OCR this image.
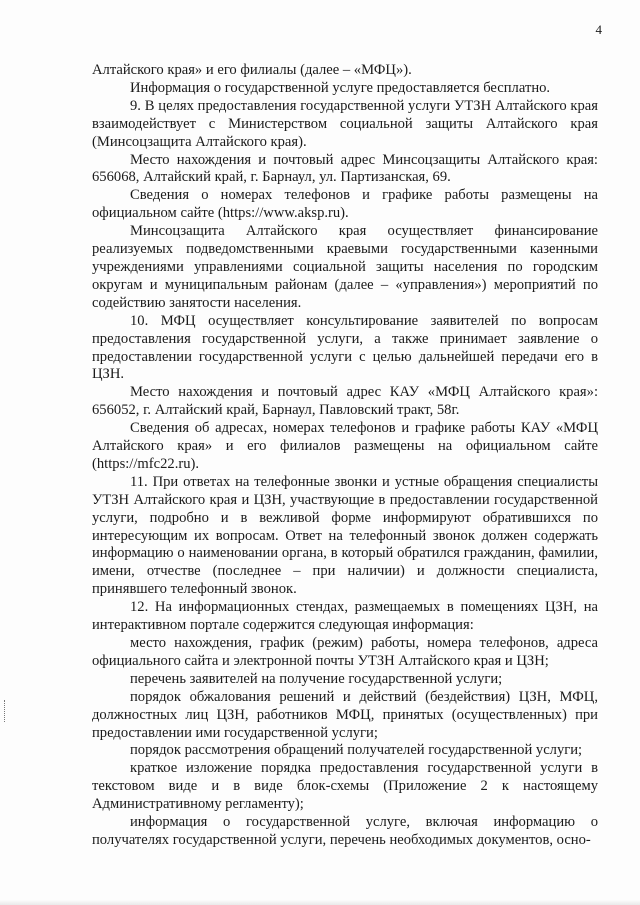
4

Алтайского края» и его филиалы (далее – «МФЦ»).

Информация о государственной услуге предоставляется бесплатно.

9. В целях предоставления государственной услуги УТЗН Алтайского края взаимодействует с Министерством социальной защиты Алтайского края (Минсоцзащита Алтайского края).

Место нахождения и почтовый адрес Минсоцзащиты Алтайского края: 656068, Алтайский край, г. Барнаул, ул. Партизанская, 69.

Сведения о номерах телефонов и графике работы размещены на официальном сайте (https://www.aksp.ru).

Минсоцзащита Алтайского края осуществляет финансирование реализуемых подведомственными краевыми государственными казенными учреждениями управлениями социальной защиты населения по городским округам и муниципальным районам (далее – «управления») мероприятий по содействию занятости населения.

10. МФЦ осуществляет консультирование заявителей по вопросам предоставления государственной услуги, а также принимает заявление о предоставлении государственной услуги с целью дальнейшей передачи его в ЦЗН.

Место нахождения и почтовый адрес КАУ «МФЦ Алтайского края»: 656052, г. Алтайский край, Барнаул, Павловский тракт, 58г.

Сведения об адресах, номерах телефонов и графике работы КАУ «МФЦ Алтайского края» и его филиалов размещены на официальном сайте (https://mfc22.ru).

11. При ответах на телефонные звонки и устные обращения специалисты УТЗН Алтайского края и ЦЗН, участвующие в предоставлении государственной услуги, подробно и в вежливой форме информируют обратившихся по интересующим их вопросам. Ответ на телефонный звонок должен содержать информацию о наименовании органа, в который обратился гражданин, фамилии, имени, отчестве (последнее – при наличии) и должности специалиста, принявшего телефонный звонок.

12. На информационных стендах, размещаемых в помещениях ЦЗН, на интерактивном портале содержится следующая информация:

место нахождения, график (режим) работы, номера телефонов, адреса официального сайта и электронной почты УТЗН Алтайского края и ЦЗН;

перечень заявителей на получение государственной услуги;

порядок обжалования решений и действий (бездействия) ЦЗН, МФЦ, должностных лиц ЦЗН, работников МФЦ, принятых (осуществленных) при предоставлении ими государственной услуги;

порядок рассмотрения обращений получателей государственной услуги;

краткое изложение порядка предоставления государственной услуги в текстовом виде и в виде блок-схемы (Приложение 2 к настоящему Административному регламенту);

информация о государственной услуге, включая информацию о получателях государственной услуги, перечень необходимых документов, осно-
